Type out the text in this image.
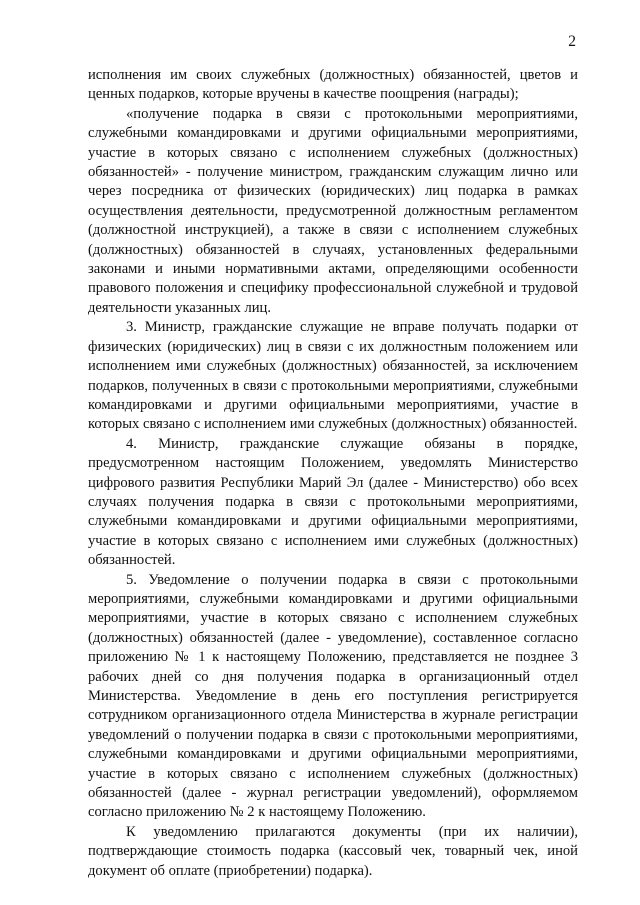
2

исполнения им своих служебных (должностных) обязанностей, цветов и ценных подарков, которые вручены в качестве поощрения (награды);

«получение подарка в связи с протокольными мероприятиями, служебными командировками и другими официальными мероприятиями, участие в которых связано с исполнением служебных (должностных) обязанностей» - получение министром, гражданским служащим лично или через посредника от физических (юридических) лиц подарка в рамках осуществления деятельности, предусмотренной должностным регламентом (должностной инструкцией), а также в связи с исполнением служебных (должностных) обязанностей в случаях, установленных федеральными законами и иными нормативными актами, определяющими особенности правового положения и специфику профессиональной служебной и трудовой деятельности указанных лиц.

3. Министр, гражданские служащие не вправе получать подарки от физических (юридических) лиц в связи с их должностным положением или исполнением ими служебных (должностных) обязанностей, за исключением подарков, полученных в связи с протокольными мероприятиями, служебными командировками и другими официальными мероприятиями, участие в которых связано с исполнением ими служебных (должностных) обязанностей.

4. Министр, гражданские служащие обязаны в порядке, предусмотренном настоящим Положением, уведомлять Министерство цифрового развития Республики Марий Эл (далее - Министерство) обо всех случаях получения подарка в связи с протокольными мероприятиями, служебными командировками и другими официальными мероприятиями, участие в которых связано с исполнением ими служебных (должностных) обязанностей.

5. Уведомление о получении подарка в связи с протокольными мероприятиями, служебными командировками и другими официальными мероприятиями, участие в которых связано с исполнением служебных (должностных) обязанностей (далее - уведомление), составленное согласно приложению № 1 к настоящему Положению, представляется не позднее 3 рабочих дней со дня получения подарка в организационный отдел Министерства. Уведомление в день его поступления регистрируется сотрудником организационного отдела Министерства в журнале регистрации уведомлений о получении подарка в связи с протокольными мероприятиями, служебными командировками и другими официальными мероприятиями, участие в которых связано с исполнением служебных (должностных) обязанностей (далее - журнал регистрации уведомлений), оформляемом согласно приложению № 2 к настоящему Положению.

К уведомлению прилагаются документы (при их наличии), подтверждающие стоимость подарка (кассовый чек, товарный чек, иной документ об оплате (приобретении) подарка).
